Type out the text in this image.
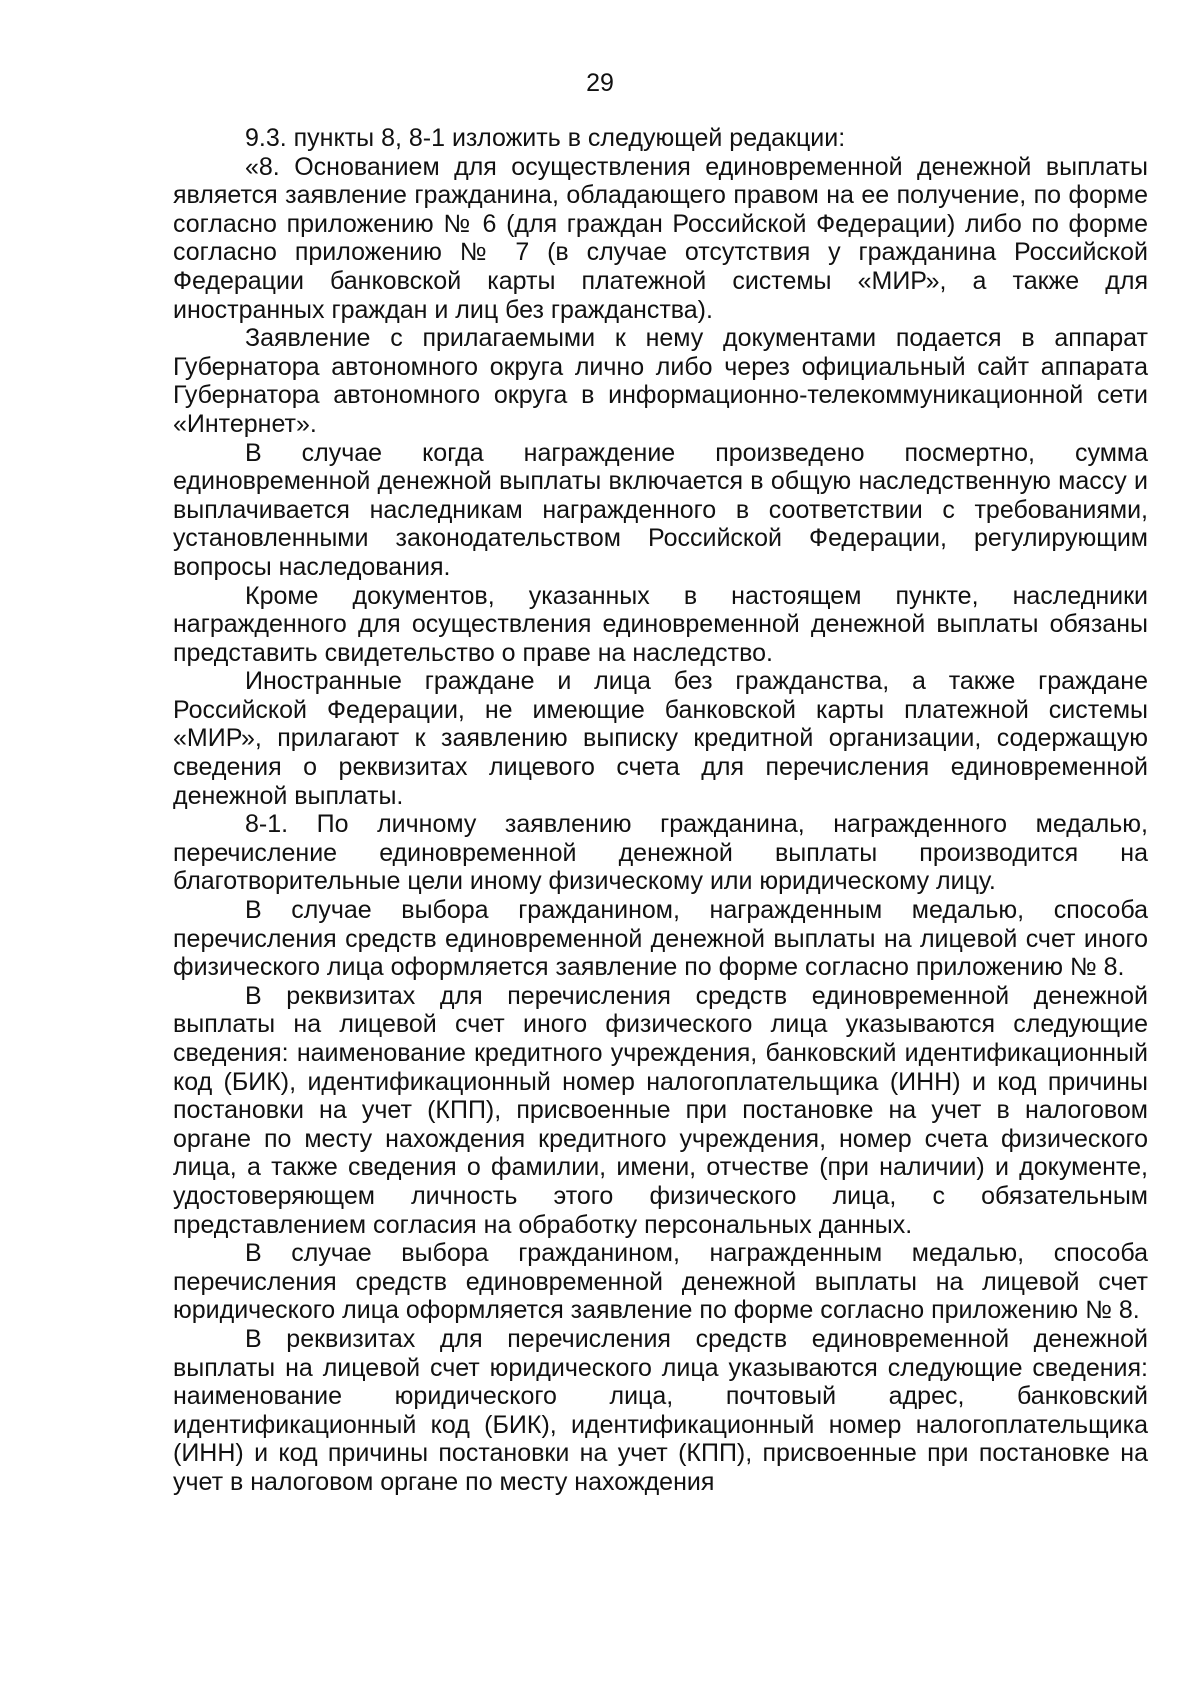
29

9.3. пункты 8, 8-1 изложить в следующей редакции:

«8. Основанием для осуществления единовременной денежной выплаты является заявление гражданина, обладающего правом на ее получение, по форме согласно приложению № 6 (для граждан Российской Федерации) либо по форме согласно приложению № 7 (в случае отсутствия у гражданина Российской Федерации банковской карты платежной системы «МИР», а также для иностранных граждан и лиц без гражданства).

Заявление с прилагаемыми к нему документами подается в аппарат Губернатора автономного округа лично либо через официальный сайт аппарата Губернатора автономного округа в информационно-телекоммуникационной сети «Интернет».

В случае когда награждение произведено посмертно, сумма единовременной денежной выплаты включается в общую наследственную массу и выплачивается наследникам награжденного в соответствии с требованиями, установленными законодательством Российской Федерации, регулирующим вопросы наследования.

Кроме документов, указанных в настоящем пункте, наследники награжденного для осуществления единовременной денежной выплаты обязаны представить свидетельство о праве на наследство.

Иностранные граждане и лица без гражданства, а также граждане Российской Федерации, не имеющие банковской карты платежной системы «МИР», прилагают к заявлению выписку кредитной организации, содержащую сведения о реквизитах лицевого счета для перечисления единовременной денежной выплаты.

8-1. По личному заявлению гражданина, награжденного медалью, перечисление единовременной денежной выплаты производится на благотворительные цели иному физическому или юридическому лицу.

В случае выбора гражданином, награжденным медалью, способа перечисления средств единовременной денежной выплаты на лицевой счет иного физического лица оформляется заявление по форме согласно приложению № 8.

В реквизитах для перечисления средств единовременной денежной выплаты на лицевой счет иного физического лица указываются следующие сведения: наименование кредитного учреждения, банковский идентификационный код (БИК), идентификационный номер налогоплательщика (ИНН) и код причины постановки на учет (КПП), присвоенные при постановке на учет в налоговом органе по месту нахождения кредитного учреждения, номер счета физического лица, а также сведения о фамилии, имени, отчестве (при наличии) и документе, удостоверяющем личность этого физического лица, с обязательным представлением согласия на обработку персональных данных.

В случае выбора гражданином, награжденным медалью, способа перечисления средств единовременной денежной выплаты на лицевой счет юридического лица оформляется заявление по форме согласно приложению № 8.

В реквизитах для перечисления средств единовременной денежной выплаты на лицевой счет юридического лица указываются следующие сведения: наименование юридического лица, почтовый адрес, банковский идентификационный код (БИК), идентификационный номер налогоплательщика (ИНН) и код причины постановки на учет (КПП), присвоенные при постановке на учет в налоговом органе по месту нахождения
